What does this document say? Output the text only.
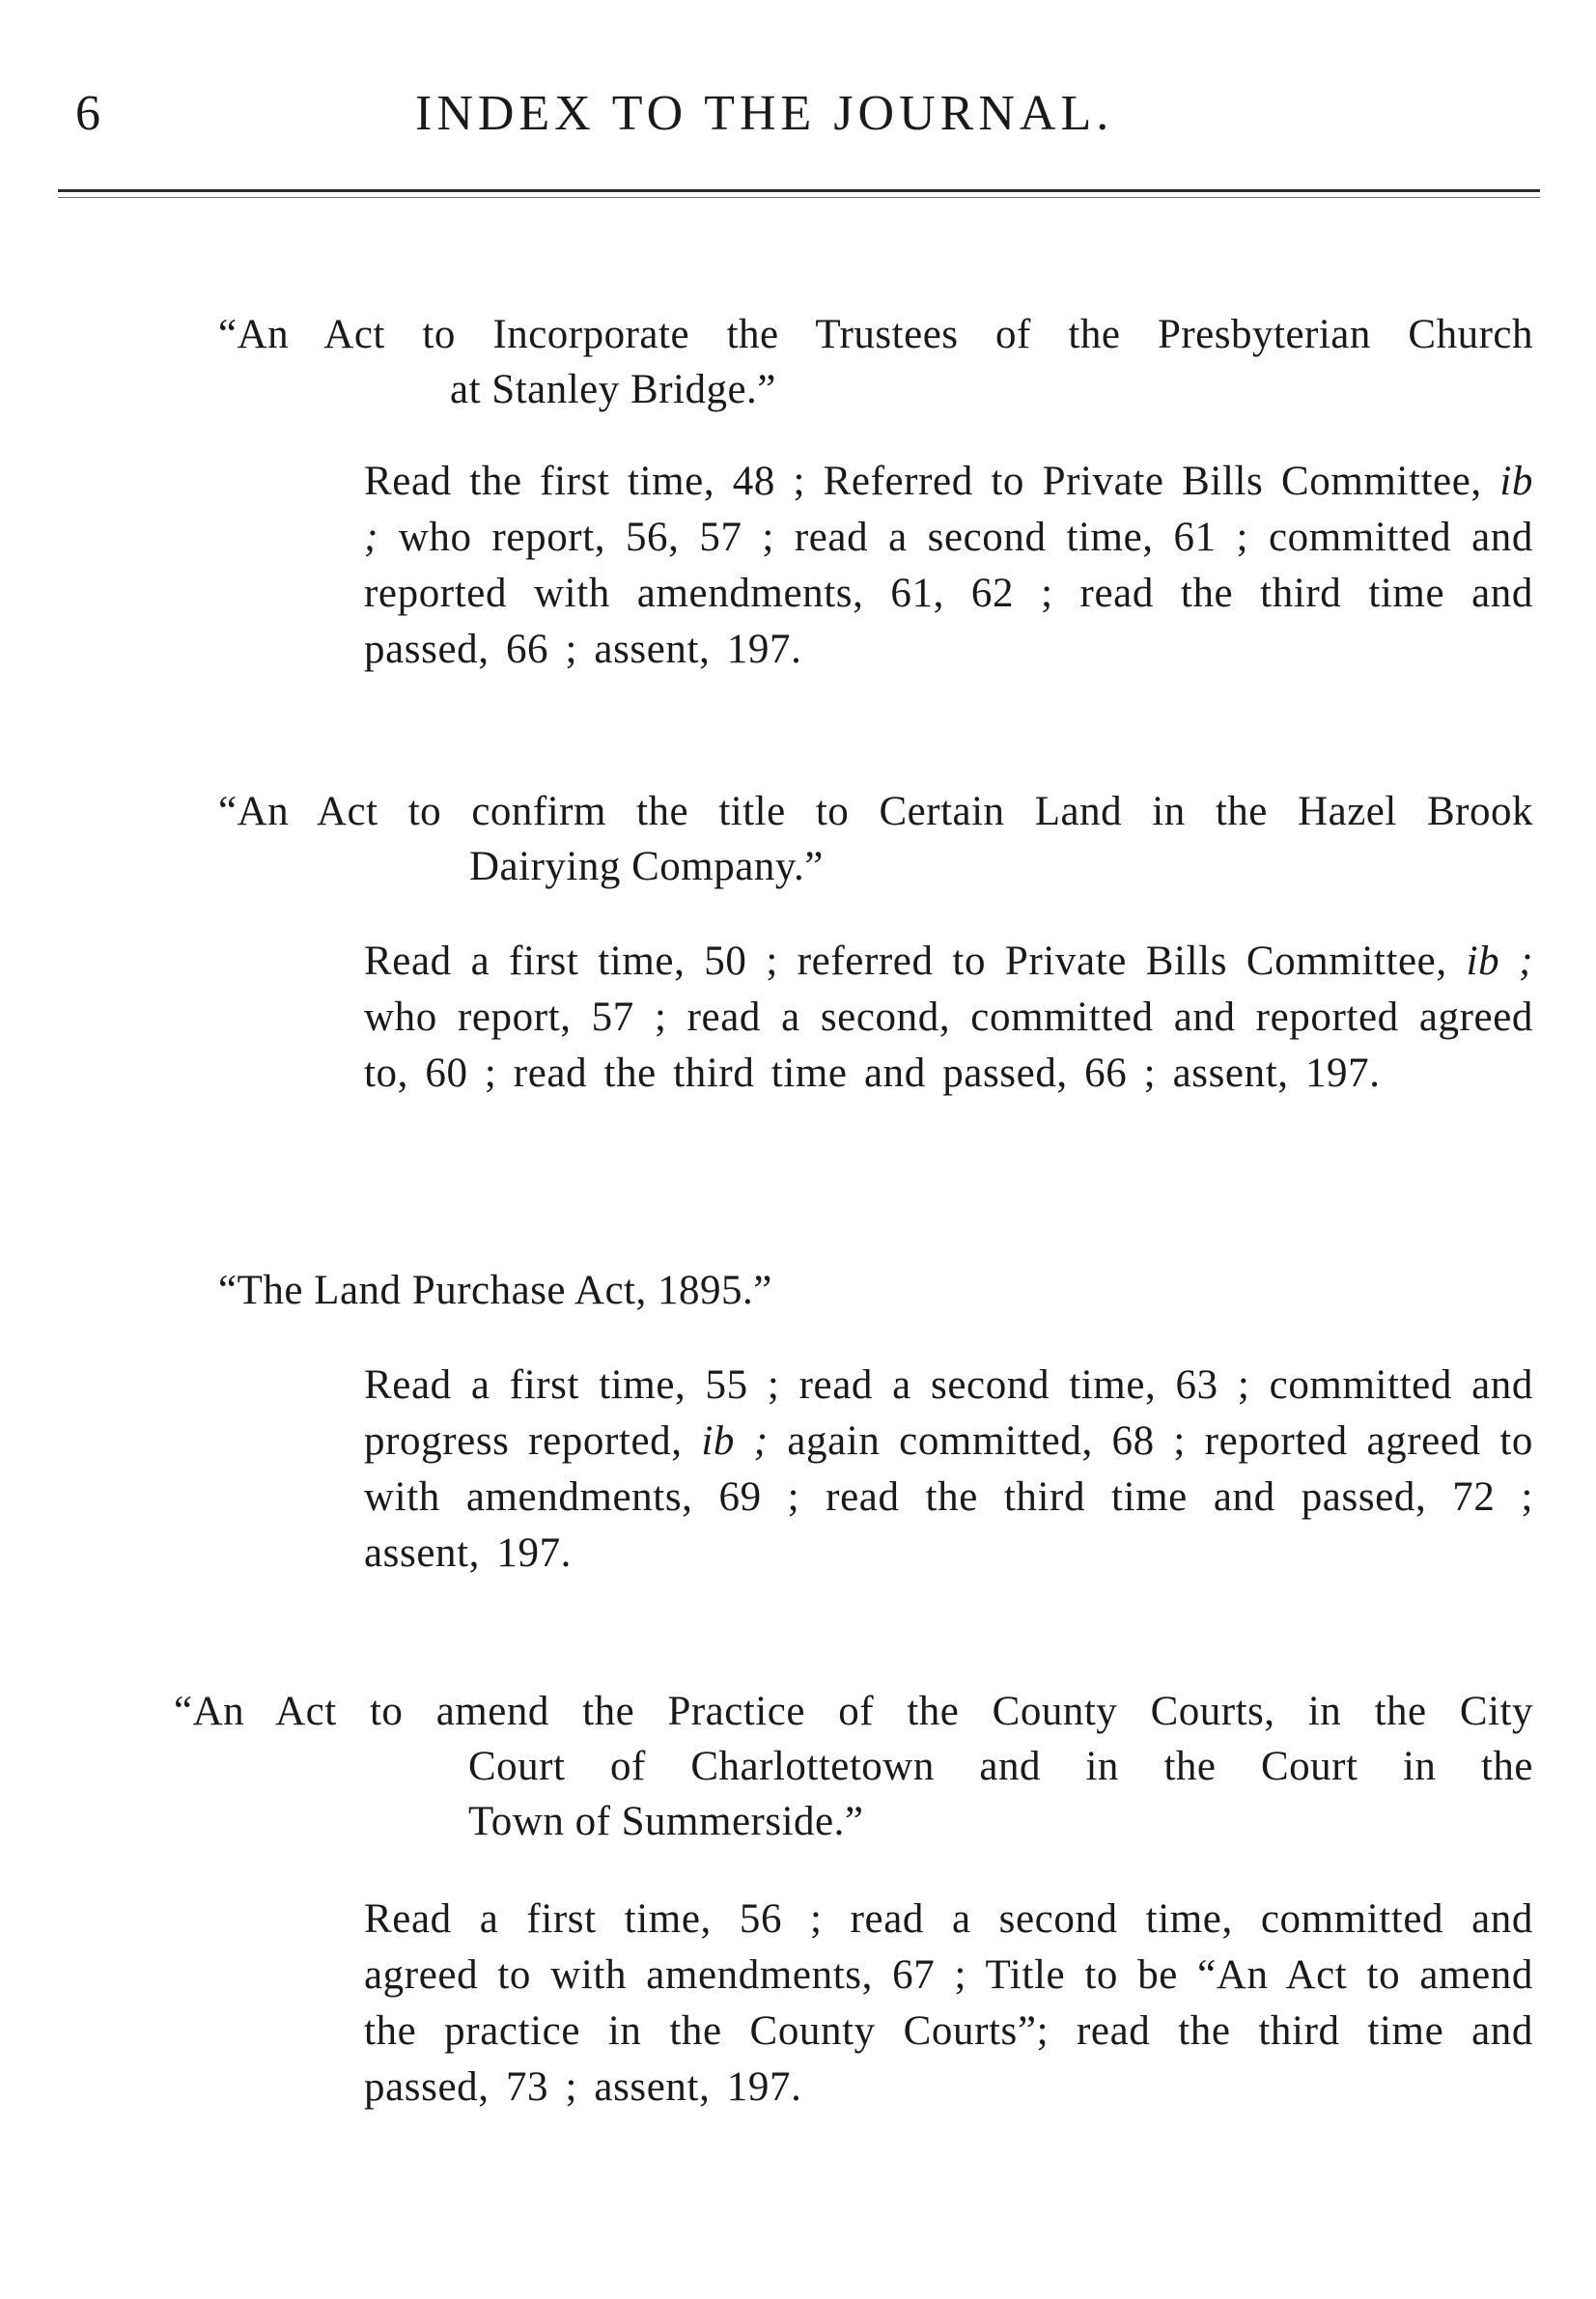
6	INDEX TO THE JOURNAL.
“An Act to Incorporate the Trustees of the Presbyterian Church
at Stanley Bridge.”
Read the first time, 48 ; Referred to Private Bills Committee, ib ; who report, 56, 57 ; read a second time, 61 ; committed and reported with amendments, 61, 62 ; read the third time and passed, 66 ; assent, 197.
“An Act to confirm the title to Certain Land in the Hazel Brook
Dairying Company.”
Read a first time, 50 ; referred to Private Bills Committee, ib ; who report, 57 ; read a second, committed and reported agreed to, 60 ; read the third time and passed, 66 ; assent, 197.
“The Land Purchase Act, 1895.”
Read a first time, 55 ; read a second time, 63 ; committed and progress reported, ib ; again committed, 68 ; reported agreed to with amendments, 69 ; read the third time and passed, 72 ; assent, 197.
“An Act to amend the Practice of the County Courts, in the City
Court of Charlottetown and in the Court in the
Town of Summerside.”
Read a first time, 56 ; read a second time, committed and agreed to with amendments, 67 ; Title to be “An Act to amend the practice in the County Courts”; read the third time and passed, 73 ; assent, 197.
